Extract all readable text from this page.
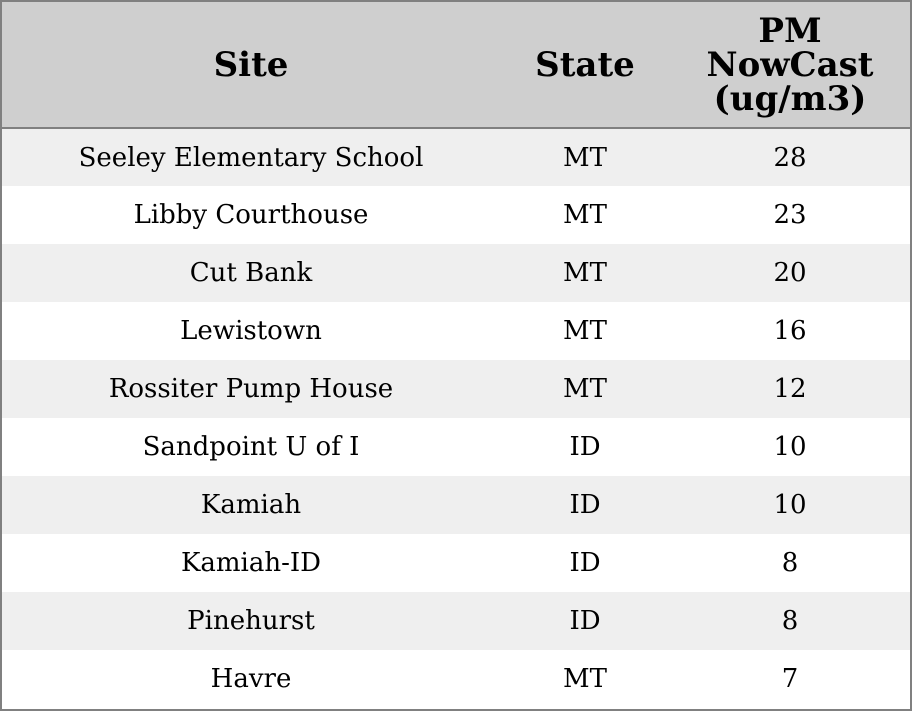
Site	State	PM
NowCast
(ug/m3)

Seeley Elementary School	MT	28
Libby Courthouse	MT	23
Cut Bank	MT	20
Lewistown	MT	16
Rossiter Pump House	MT	12
Sandpoint U of I	ID	10
Kamiah	ID	10
Kamiah-ID	ID	8
Pinehurst	ID	8
Havre	MT	7
